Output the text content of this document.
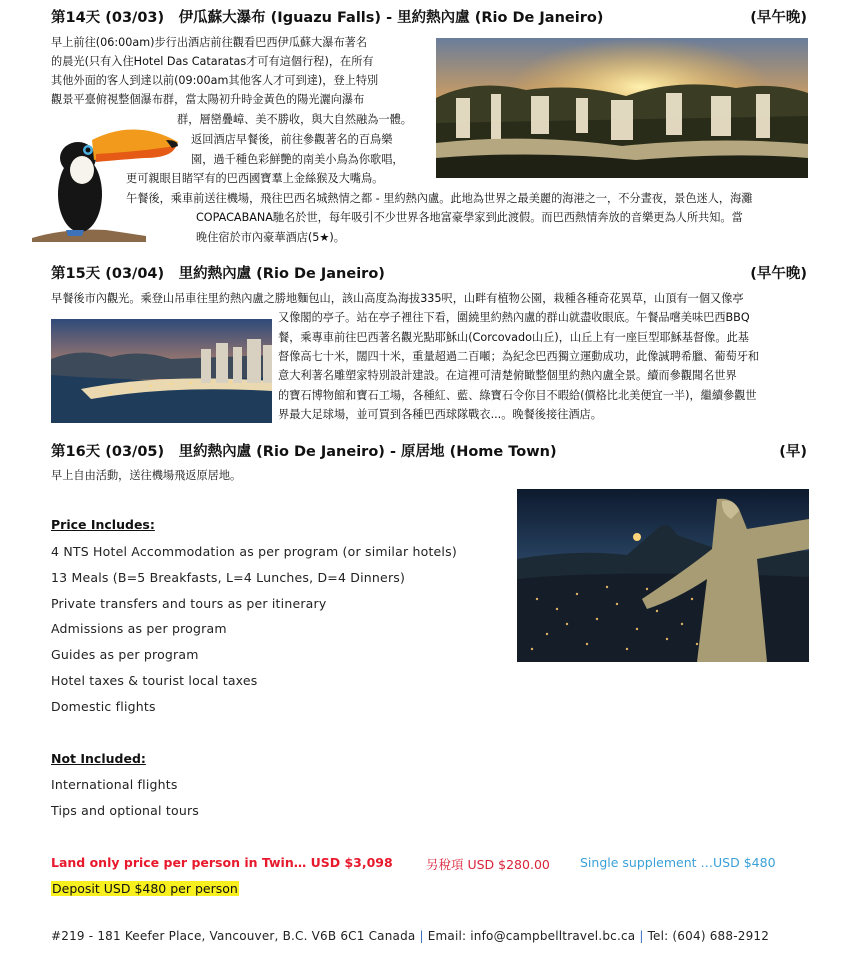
第14天 (03/03)　伊瓜蘇大瀑布 (Iguazu Falls) - 里約熱內盧 (Rio De Janeiro)	(早午晚)
早上前往(06:00am)步行出酒店前往觀看巴西伊瓜蘇大瀑布著名
的晨光(只有入住Hotel Das Cataratas才可有這個行程)，在所有
其他外面的客人到達以前(09:00am其他客人才可到達)，登上特別
觀景平臺俯視整個瀑布群，當太陽初升時金黃色的陽光灑向瀑布
群，層巒疊嶂、美不勝收，與大自然融為一體。
返回酒店早餐後，前往參觀著名的百鳥樂
園，過千種色彩鮮艷的南美小鳥為你歌唱，
更可親眼目睹罕有的巴西國寶羣上金絲猴及大嘴鳥。
午餐後，乘車前送往機場，飛往巴西名城熱情之都 - 里約熱內盧。此地為世界之最美麗的海港之一，不分晝夜，景色迷人，海灘
COPACABANA馳名於世，每年吸引不少世界各地富豪學家到此渡假。而巴西熱情奔放的音樂更為人所共知。當
晚住宿於市內豪華酒店(5★)。
第15天 (03/04)　里約熱內盧 (Rio De Janeiro)	(早午晚)
早餐後市內觀光。乘登山吊車往里約熱內盧之勝地麵包山，該山高度為海拔335呎，山畔有植物公園，栽種各種奇花異草，山頂有一個又像亭
又像閣的亭子。站在亭子裡往下看，圍繞里約熱內盧的群山就盡收眼底。午餐品嚐美味巴西BBQ
餐，乘專車前往巴西著名觀光點耶穌山(Corcovado山丘)，山丘上有一座巨型耶穌基督像。此基
督像高七十米，闊四十米，重量超過二百噸；為紀念巴西獨立運動成功，此像誠聘希臘、葡萄牙和
意大利著名雕塑家特別設計建設。在這裡可清楚俯瞰整個里約熱內盧全景。續而參觀聞名世界
的寶石博物館和寶石工場，各種紅、藍、綠寶石令你目不暇給(價格比北美便宜一半)，繼續參觀世
界最大足球場，並可買到各種巴西球隊戰衣...。晚餐後接往酒店。
第16天 (03/05)　里約熱內盧 (Rio De Janeiro) - 原居地 (Home Town)	(早)
早上自由活動，送往機場飛返原居地。
Price Includes:
4 NTS Hotel Accommodation as per program (or similar hotels)
13 Meals (B=5 Breakfasts, L=4 Lunches, D=4 Dinners)
Private transfers and tours as per itinerary
Admissions as per program
Guides as per program
Hotel taxes & tourist local taxes
Domestic flights
Not Included:
International flights
Tips and optional tours
Land only price per person in Twin… USD $3,098	另稅項 USD $280.00 Single supplement …USD $480
Deposit USD $480 per person
#219 - 181 Keefer Place, Vancouver, B.C. V6B 6C1 Canada | Email: info@campbelltravel.bc.ca | Tel: (604) 688-2912
